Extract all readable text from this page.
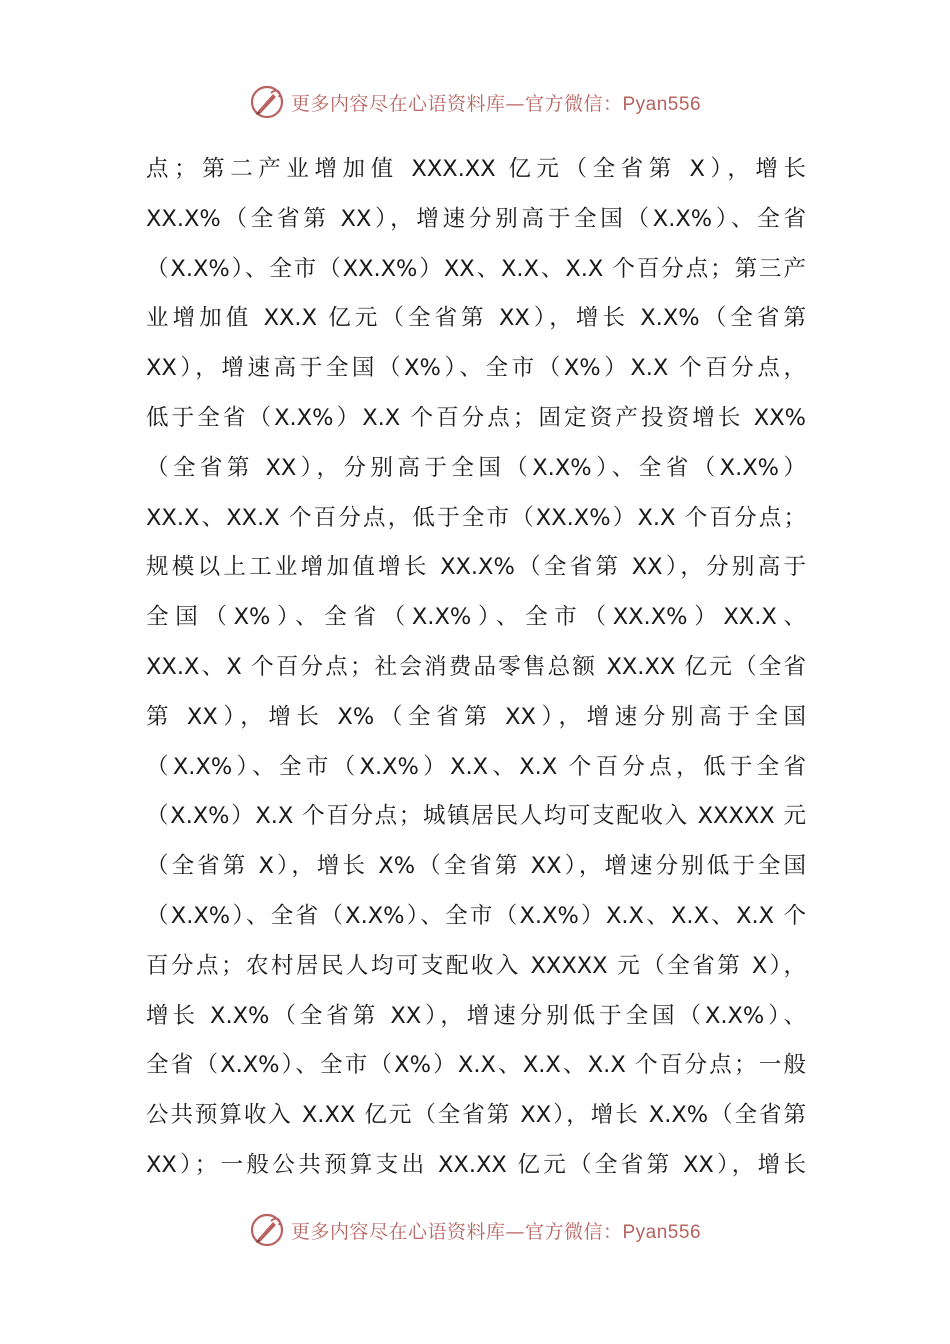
更多内容尽在心语资料库—官方微信：Pyan556
点；第二产业增加值 XXX.XX 亿元（全省第 X），增长
XX.X%（全省第 XX），增速分别高于全国（X.X%）、全省
（X.X%）、全市（XX.X%）XX、X.X、X.X 个百分点；第三产
业增加值 XX.X 亿元（全省第 XX），增长 X.X%（全省第
XX），增速高于全国（X%）、全市（X%）X.X 个百分点，
低于全省（X.X%）X.X 个百分点；固定资产投资增长 XX%
（全省第 XX），分别高于全国（X.X%）、全省（X.X%）
XX.X、XX.X 个百分点，低于全市（XX.X%）X.X 个百分点；
规模以上工业增加值增长 XX.X%（全省第 XX），分别高于
全国（X%）、全省（X.X%）、全市（XX.X%）XX.X、
XX.X、X 个百分点；社会消费品零售总额 XX.XX 亿元（全省
第 XX），增长 X%（全省第 XX），增速分别高于全国
（X.X%）、全市（X.X%）X.X、X.X 个百分点，低于全省
（X.X%）X.X 个百分点；城镇居民人均可支配收入 XXXXX 元
（全省第 X），增长 X%（全省第 XX），增速分别低于全国
（X.X%）、全省（X.X%）、全市（X.X%）X.X、X.X、X.X 个
百分点；农村居民人均可支配收入 XXXXX 元（全省第 X），
增长 X.X%（全省第 XX），增速分别低于全国（X.X%）、
全省（X.X%）、全市（X%）X.X、X.X、X.X 个百分点；一般
公共预算收入 X.XX 亿元（全省第 XX），增长 X.X%（全省第
XX）；一般公共预算支出 XX.XX 亿元（全省第 XX），增长
更多内容尽在心语资料库—官方微信：Pyan556
